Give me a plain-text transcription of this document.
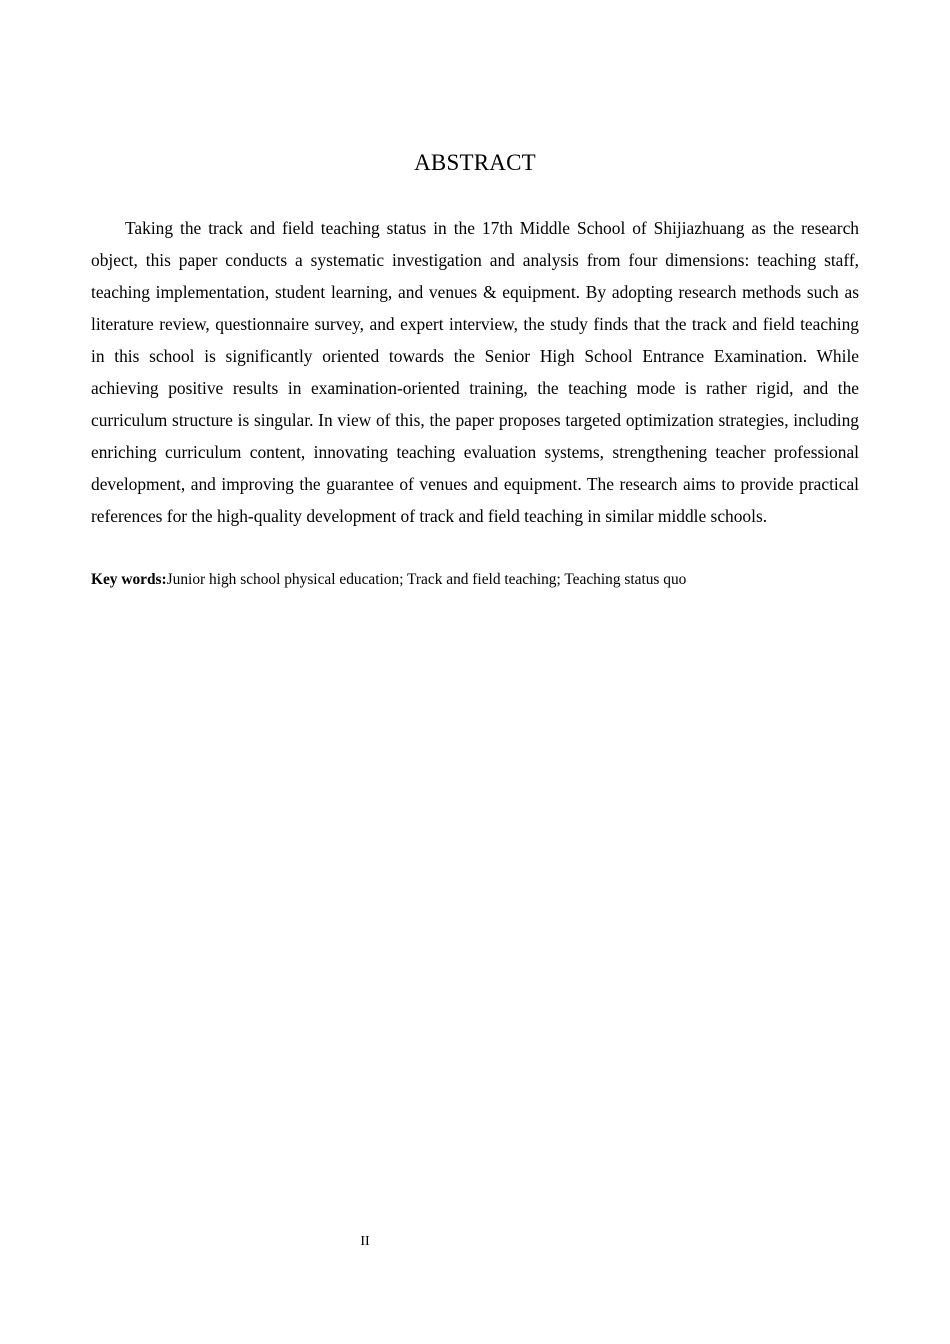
ABSTRACT

Taking the track and field teaching status in the 17th Middle School of Shijiazhuang as the research object, this paper conducts a systematic investigation and analysis from four dimensions: teaching staff, teaching implementation, student learning, and venues & equipment. By adopting research methods such as literature review, questionnaire survey, and expert interview, the study finds that the track and field teaching in this school is significantly oriented towards the Senior High School Entrance Examination. While achieving positive results in examination-oriented training, the teaching mode is rather rigid, and the curriculum structure is singular. In view of this, the paper proposes targeted optimization strategies, including enriching curriculum content, innovating teaching evaluation systems, strengthening teacher professional development, and improving the guarantee of venues and equipment. The research aims to provide practical references for the high-quality development of track and field teaching in similar middle schools.

Key words:Junior high school physical education; Track and field teaching; Teaching status quo
II
